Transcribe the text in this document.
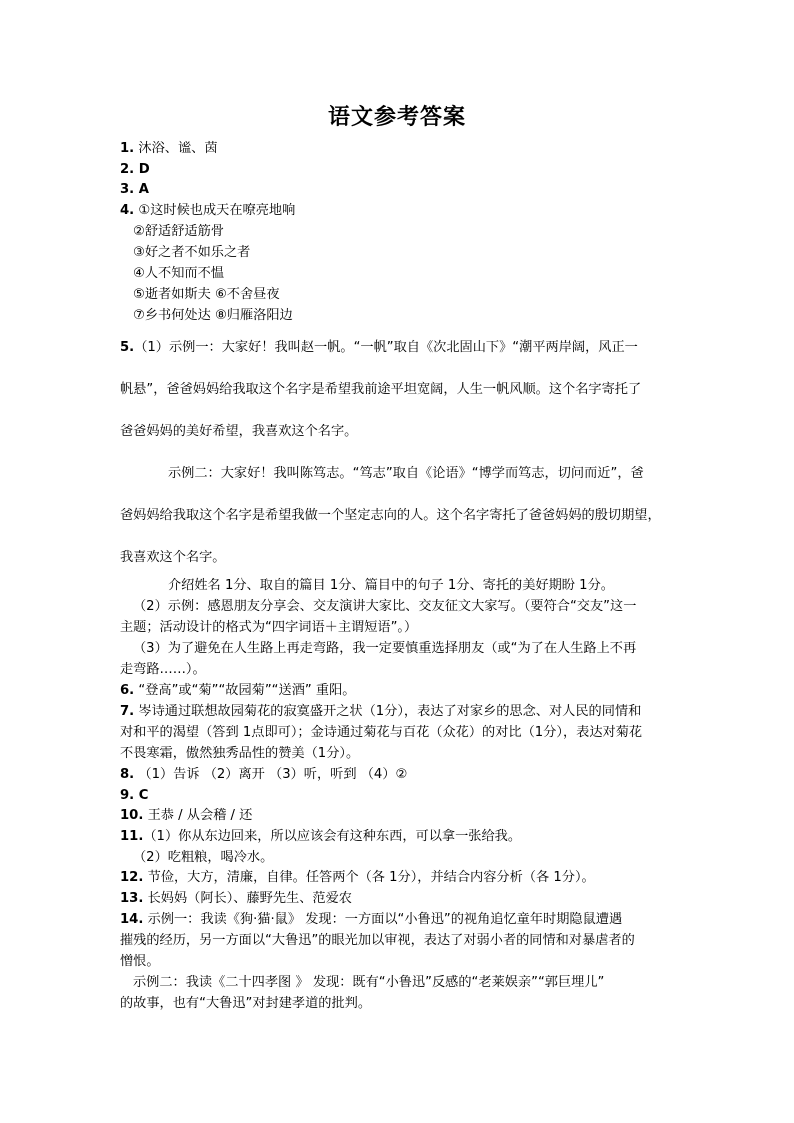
语文参考答案
1. 沐浴、谧、茵
2. D
3. A
4. ①这时候也成天在嘹亮地响
②舒适舒适筋骨
③好之者不如乐之者
④人不知而不愠
⑤逝者如斯夫 ⑥不舍昼夜
⑦乡书何处达 ⑧归雁洛阳边
5.（1）示例一：大家好！我叫赵一帆。“一帆”取自《次北固山下》“潮平两岸阔，风正一
帆悬”，爸爸妈妈给我取这个名字是希望我前途平坦宽阔，人生一帆风顺。这个名字寄托了
爸爸妈妈的美好希望，我喜欢这个名字。
示例二：大家好！我叫陈笃志。“笃志”取自《论语》“博学而笃志，切问而近”，爸
爸妈妈给我取这个名字是希望我做一个坚定志向的人。这个名字寄托了爸爸妈妈的殷切期望，
我喜欢这个名字。
介绍姓名 1分、取自的篇目 1分、篇目中的句子 1分、寄托的美好期盼 1分。
（2）示例：感恩朋友分享会、交友演讲大家比、交友征文大家写。（要符合“交友”这一
主题；活动设计的格式为“四字词语＋主谓短语”。）
（3）为了避免在人生路上再走弯路，我一定要慎重选择朋友（或“为了在人生路上不再
走弯路……）。
6. “登高”或“菊”“故园菊”“送酒” 重阳。
7. 岑诗通过联想故园菊花的寂寞盛开之状（1分），表达了对家乡的思念、对人民的同情和
对和平的渴望（答到 1点即可）；金诗通过菊花与百花（众花）的对比（1分），表达对菊花
不畏寒霜，傲然独秀品性的赞美（1分）。
8. （1）告诉 （2）离开 （3）听，听到 （4）②
9. C
10. 王恭 / 从会稽 / 还
11.（1）你从东边回来，所以应该会有这种东西，可以拿一张给我。
（2）吃粗粮，喝冷水。
12. 节俭，大方，清廉，自律。任答两个（各 1分），并结合内容分析（各 1分）。
13. 长妈妈（阿长）、藤野先生、范爱农
14. 示例一：我读《狗·猫·鼠》 发现：一方面以“小鲁迅”的视角追忆童年时期隐鼠遭遇
摧残的经历，另一方面以“大鲁迅”的眼光加以审视，表达了对弱小者的同情和对暴虐者的
憎恨。
示例二：我读《二十四孝图 》 发现：既有“小鲁迅”反感的“老莱娱亲”“郭巨埋儿”
的故事，也有“大鲁迅”对封建孝道的批判。
